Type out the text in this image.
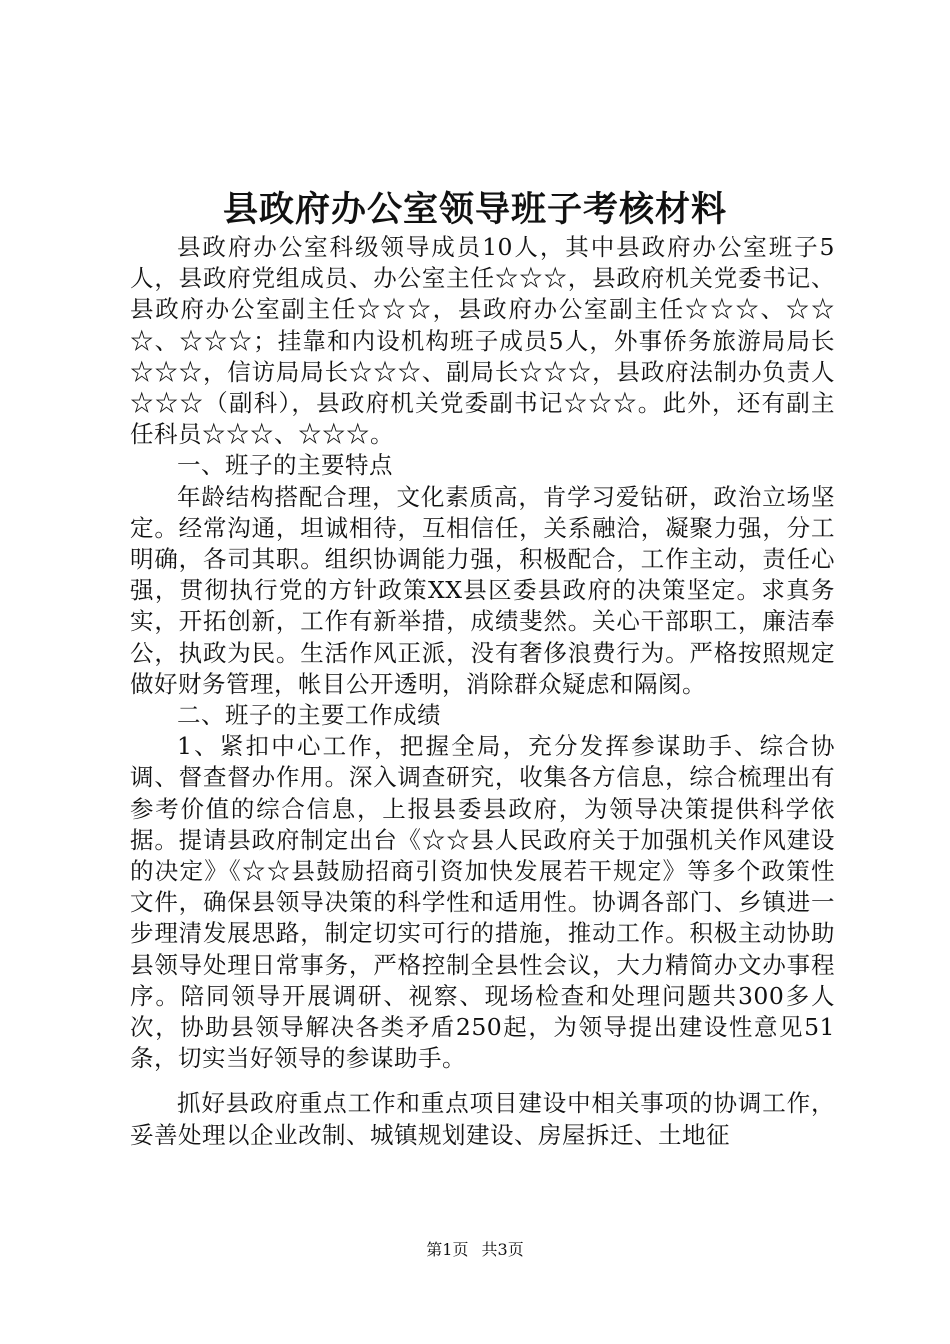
县政府办公室领导班子考核材料

县政府办公室科级领导成员10人，其中县政府办公室班子5人，县政府党组成员、办公室主任☆☆☆，县政府机关党委书记、县政府办公室副主任☆☆☆，县政府办公室副主任☆☆☆、☆☆☆、☆☆☆；挂靠和内设机构班子成员5人，外事侨务旅游局局长☆☆☆，信访局局长☆☆☆、副局长☆☆☆，县政府法制办负责人☆☆☆（副科），县政府机关党委副书记☆☆☆。此外，还有副主任科员☆☆☆、☆☆☆。

一、班子的主要特点

年龄结构搭配合理，文化素质高，肯学习爱钻研，政治立场坚定。经常沟通，坦诚相待，互相信任，关系融洽，凝聚力强，分工明确，各司其职。组织协调能力强，积极配合，工作主动，责任心强，贯彻执行党的方针政策XX县区委县政府的决策坚定。求真务实，开拓创新，工作有新举措，成绩斐然。关心干部职工，廉洁奉公，执政为民。生活作风正派，没有奢侈浪费行为。严格按照规定做好财务管理，帐目公开透明，消除群众疑虑和隔阂。

二、班子的主要工作成绩

1、紧扣中心工作，把握全局，充分发挥参谋助手、综合协调、督查督办作用。深入调查研究，收集各方信息，综合梳理出有参考价值的综合信息，上报县委县政府，为领导决策提供科学依据。提请县政府制定出台《☆☆县人民政府关于加强机关作风建设的决定》《☆☆县鼓励招商引资加快发展若干规定》等多个政策性文件，确保县领导决策的科学性和适用性。协调各部门、乡镇进一步理清发展思路，制定切实可行的措施，推动工作。积极主动协助县领导处理日常事务，严格控制全县性会议，大力精简办文办事程序。陪同领导开展调研、视察、现场检查和处理问题共300多人次，协助县领导解决各类矛盾250起，为领导提出建设性意见51条，切实当好领导的参谋助手。

抓好县政府重点工作和重点项目建设中相关事项的协调工作，妥善处理以企业改制、城镇规划建设、房屋拆迁、土地征

第1页 共3页
